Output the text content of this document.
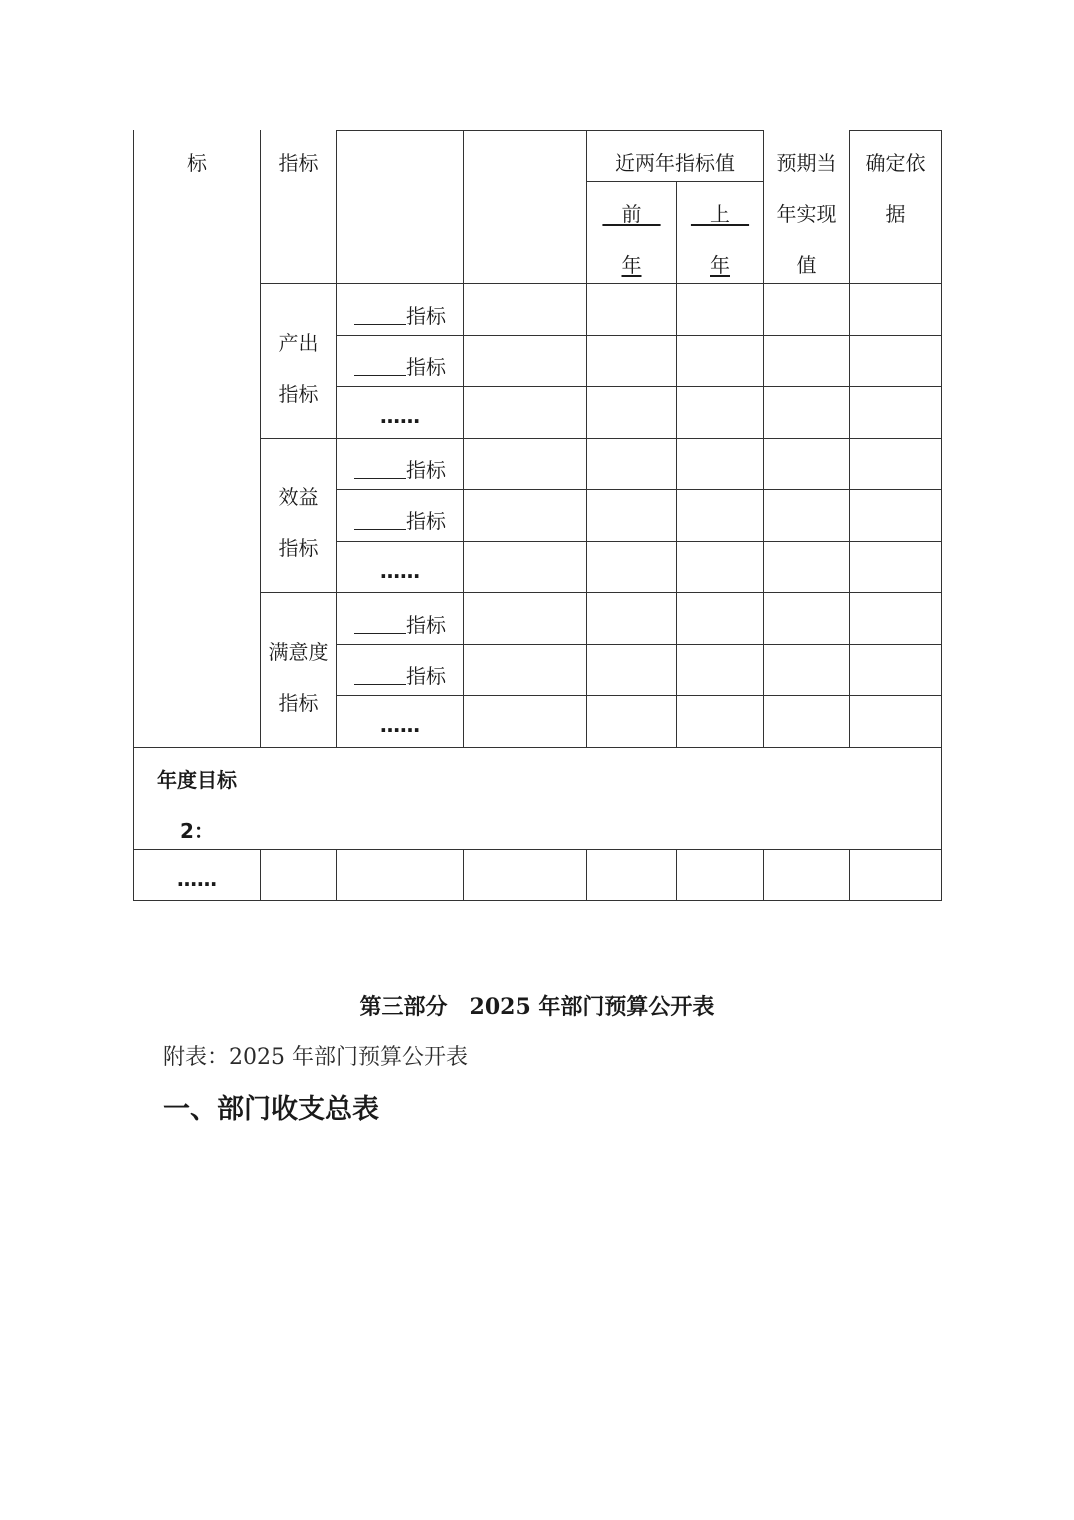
标	指标	近两年指标值
前
年
上
年
预期当
年实现
值
确定依
据
产出
指标
指标
指标
……
效益
指标
指标
指标
……
满意度
指标
指标
指标
……
年度目标
2：
……
第三部分　2025 年部门预算公开表
附表：2025 年部门预算公开表
一、部门收支总表
